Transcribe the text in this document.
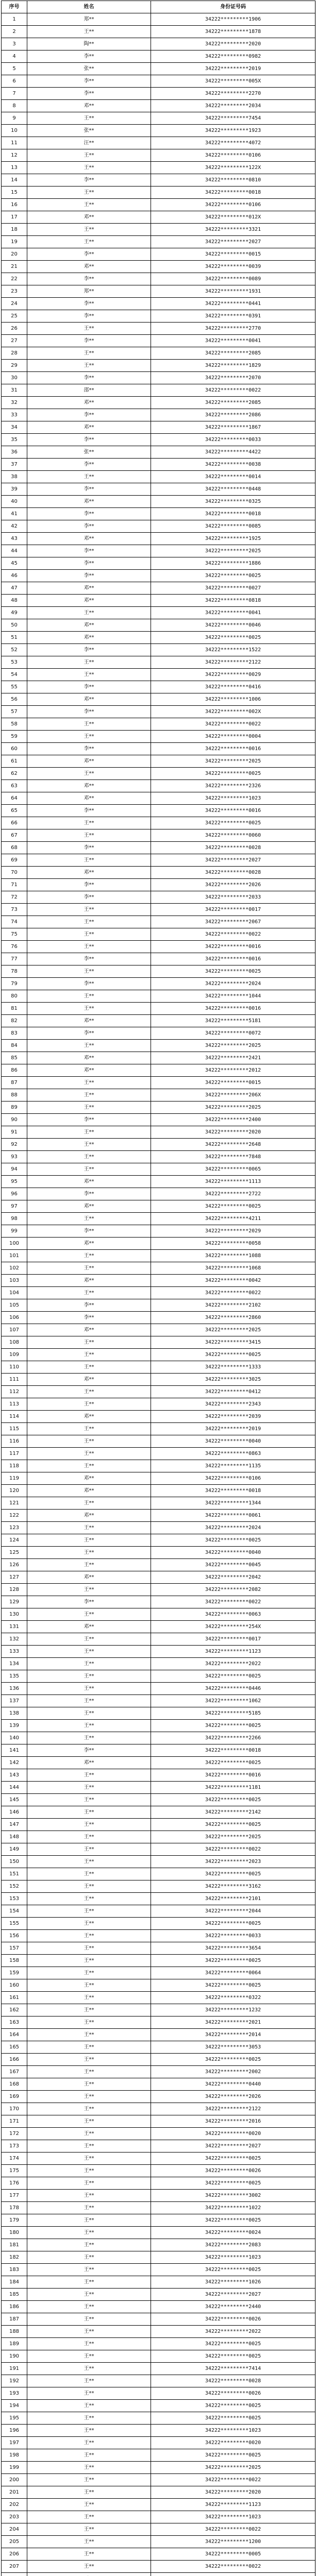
序号	姓名	身份证号码
1	郑**	34222*********1906
2	王**	34222*********1878
3	陶**	34222*********2020
4	李**	34222*********0982
5	张**	34222*********2019
6	李**	34222*********005X
7	李**	34222*********2270
8	邓**	34222*********2034
9	王**	34222*********7454
10	张**	34222*********1923
11	汪**	34222*********4072
12	王**	34222*********0106
13	王**	34222*********122X
14	李**	34222*********0810
15	王**	34222*********0018
16	王**	34222*********0106
17	邓**	34222*********012X
18	王**	34222*********3321
19	王**	34222*********2027
20	李**	34222*********0015
21	邓**	34222*********0039
22	李**	34222*********0089
23	郑**	34222*********1931
24	李**	34222*********0441
25	李**	34222*********0391
26	王**	34222*********2770
27	李**	34222*********0041
28	王**	34222*********2085
29	王**	34222*********1829
30	李**	34222*********2070
31	邵**	34222*********0022
32	邓**	34222*********2085
33	李**	34222*********2086
34	邓**	34222*********1867
35	李**	34222*********0033
36	张**	34222*********4422
37	李**	34222*********0038
38	王**	34222*********0014
39	李**	34222*********0448
40	邓**	34222*********0325
41	李**	34222*********0018
42	李**	34222*********0085
43	邓**	34222*********1925
44	李**	34222*********2025
45	李**	34222*********1886
46	李**	34222*********0025
47	邓**	34222*********0027
48	邓**	34222*********0818
49	王**	34222*********0041
50	邓**	34222*********0046
51	邓**	34222*********0025
52	李**	34222*********1522
53	王**	34222*********2122
54	王**	34222*********0029
55	李**	34222*********0416
56	邓**	34222*********1006
57	李**	34222*********002X
58	王**	34222*********0022
59	王**	34222*********0004
60	李**	34222*********0016
61	邓**	34222*********2025
62	王**	34222*********0025
63	邓**	34222*********2326
64	邓**	34222*********1023
65	李**	34222*********0016
66	王**	34222*********0025
67	王**	34222*********0060
68	李**	34222*********0028
69	王**	34222*********2027
70	邓**	34222*********0028
71	李**	34222*********2026
72	李**	34222*********2033
73	王**	34222*********0017
74	王**	34222*********2067
75	王**	34222*********0022
76	王**	34222*********0016
77	李**	34222*********0016
78	王**	34222*********0025
79	李**	34222*********2024
80	王**	34222*********1044
81	王**	34222*********0016
82	邓**	34222*********5181
83	李**	34222*********0072
84	王**	34222*********2025
85	邓**	34222*********2421
86	邓**	34222*********2012
87	王**	34222*********0015
88	王**	34222*********206X
89	王**	34222*********2025
90	李**	34222*********2400
91	王**	34222*********2020
92	王**	34222*********2648
93	王**	34222*********7848
94	王**	34222*********0065
95	邓**	34222*********1113
96	李**	34222*********2722
97	邓**	34222*********0025
98	王**	34222*********4211
99	李**	34222*********2029
100	邓**	34222*********0058
101	王**	34222*********1088
102	王**	34222*********1068
103	邓**	34222*********0042
104	王**	34222*********0022
105	李**	34222*********2102
106	李**	34222*********2860
107	邓**	34222*********2025
108	王**	34222*********3415
109	王**	34222*********0025
110	王**	34222*********1333
111	邓**	34222*********3025
112	王**	34222*********0412
113	王**	34222*********2343
114	邓**	34222*********2039
115	王**	34222*********2019
116	王**	34222*********0040
117	王**	34222*********0863
118	王**	34222*********1135
119	邓**	34222*********0106
120	邓**	34222*********0018
121	王**	34222*********1344
122	邓**	34222*********0061
123	王**	34222*********2024
124	王**	34222*********0025
125	王**	34222*********0040
126	王**	34222*********0045
127	邓**	34222*********2042
128	王**	34222*********2082
129	李**	34222*********0022
130	王**	34222*********0063
131	邓**	34222*********254X
132	王**	34222*********0017
133	王**	34222*********1123
134	王**	34222*********2022
135	王**	34222*********0025
136	王**	34222*********0446
137	王**	34222*********1062
138	王**	34222*********5185
139	王**	34222*********0025
140	王**	34222*********2266
141	李**	34222*********0018
142	邓**	34222*********0025
143	王**	34222*********0016
144	王**	34222*********1181
145	王**	34222*********0025
146	王**	34222*********2142
147	王**	34222*********0025
148	王**	34222*********2025
149	王**	34222*********0022
150	王**	34222*********2023
151	王**	34222*********0025
152	王**	34222*********3162
153	王**	34222*********2101
154	王**	34222*********2044
155	王**	34222*********0025
156	王**	34222*********0033
157	王**	34222*********3654
158	王**	34222*********0025
159	王**	34222*********0064
160	王**	34222*********0025
161	王**	34222*********0322
162	王**	34222*********1232
163	王**	34222*********2021
164	王**	34222*********2014
165	王**	34222*********3053
166	王**	34222*********0025
167	王**	34222*********2002
168	王**	34222*********0440
169	王**	34222*********2026
170	王**	34222*********2122
171	王**	34222*********2016
172	王**	34222*********0020
173	王**	34222*********2027
174	王**	34222*********0025
175	王**	34222*********0026
176	王**	34222*********0025
177	王**	34222*********3002
178	王**	34222*********1022
179	王**	34222*********0025
180	王**	34222*********0024
181	王**	34222*********2083
182	王**	34222*********1023
183	王**	34222*********0025
184	王**	34222*********1026
185	王**	34222*********2027
186	王**	34222*********2440
187	王**	34222*********0026
188	王**	34222*********2022
189	王**	34222*********0025
190	王**	34222*********0025
191	王**	34222*********7414
192	王**	34222*********0028
193	王**	34222*********0026
194	王**	34222*********0025
195	王**	34222*********0025
196	王**	34222*********1023
197	王**	34222*********0020
198	王**	34222*********0025
199	王**	34222*********2025
200	王**	34222*********0022
201	王**	34222*********2020
202	王**	34222*********1123
203	王**	34222*********1023
204	王**	34222*********0022
205	王**	34222*********1200
206	王**	34222*********0005
207	王**	34222*********0022
